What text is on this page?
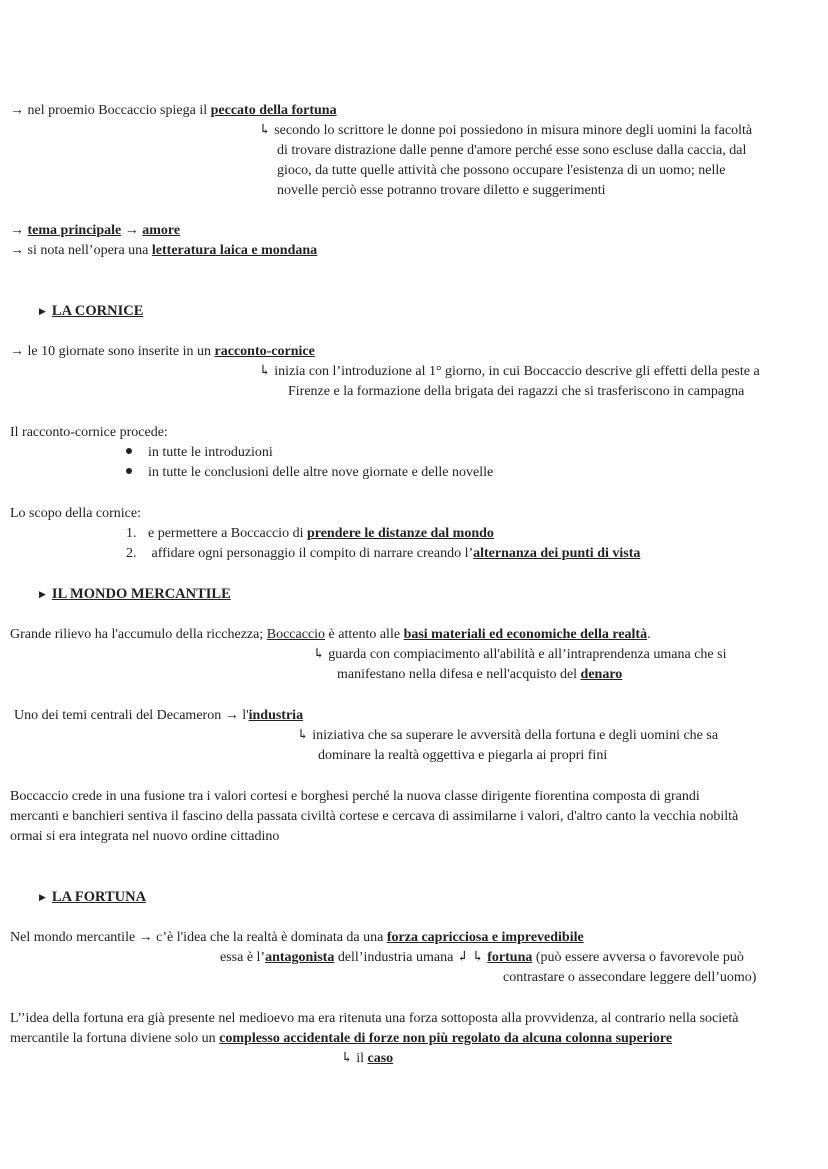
→ nel proemio Boccaccio spiega il peccato della fortuna
↳ secondo lo scrittore le donne poi possiedono in misura minore degli uomini la facoltà
di trovare distrazione dalle penne d'amore perché esse sono escluse dalla caccia, dal
gioco, da tutte quelle attività che possono occupare l'esistenza di un uomo; nelle
novelle perciò esse potranno trovare diletto e suggerimenti
→ tema principale → amore
→ si nota nell’opera una letteratura laica e mondana
▶ LA CORNICE
→ le 10 giornate sono inserite in un racconto-cornice
↳ inizia con l’introduzione al 1° giorno, in cui Boccaccio descrive gli effetti della peste a
Firenze e la formazione della brigata dei ragazzi che si trasferiscono in campagna
Il racconto-cornice procede:
in tutte le introduzioni
in tutte le conclusioni delle altre nove giornate e delle novelle
Lo scopo della cornice:
1. e permettere a Boccaccio di prendere le distanze dal mondo
2. affidare ogni personaggio il compito di narrare creando l’alternanza dei punti di vista
▶ IL MONDO MERCANTILE
Grande rilievo ha l'accumulo della ricchezza; Boccaccio è attento alle basi materiali ed economiche della realtà.
↳ guarda con compiacimento all'abilità e all’intraprendenza umana che si
manifestano nella difesa e nell'acquisto del denaro
Uno dei temi centrali del Decameron → l'industria
↳ iniziativa che sa superare le avversità della fortuna e degli uomini che sa
dominare la realtà oggettiva e piegarla ai propri fini
Boccaccio crede in una fusione tra i valori cortesi e borghesi perché la nuova classe dirigente fiorentina composta di grandi
mercanti e banchieri sentiva il fascino della passata civiltà cortese e cercava di assimilarne i valori, d'altro canto la vecchia nobiltà
ormai si era integrata nel nuovo ordine cittadino
▶ LA FORTUNA
Nel mondo mercantile → c’è l'idea che la realtà è dominata da una forza capricciosa e imprevedibile
essa è l’antagonista dell’industria umana ↲ ↳ fortuna (può essere avversa o favorevole può
contrastare o assecondare leggere dell’uomo)
L’’idea della fortuna era già presente nel medioevo ma era ritenuta una forza sottoposta alla provvidenza, al contrario nella società
mercantile la fortuna diviene solo un complesso accidentale di forze non più regolato da alcuna colonna superiore
↳ il caso
